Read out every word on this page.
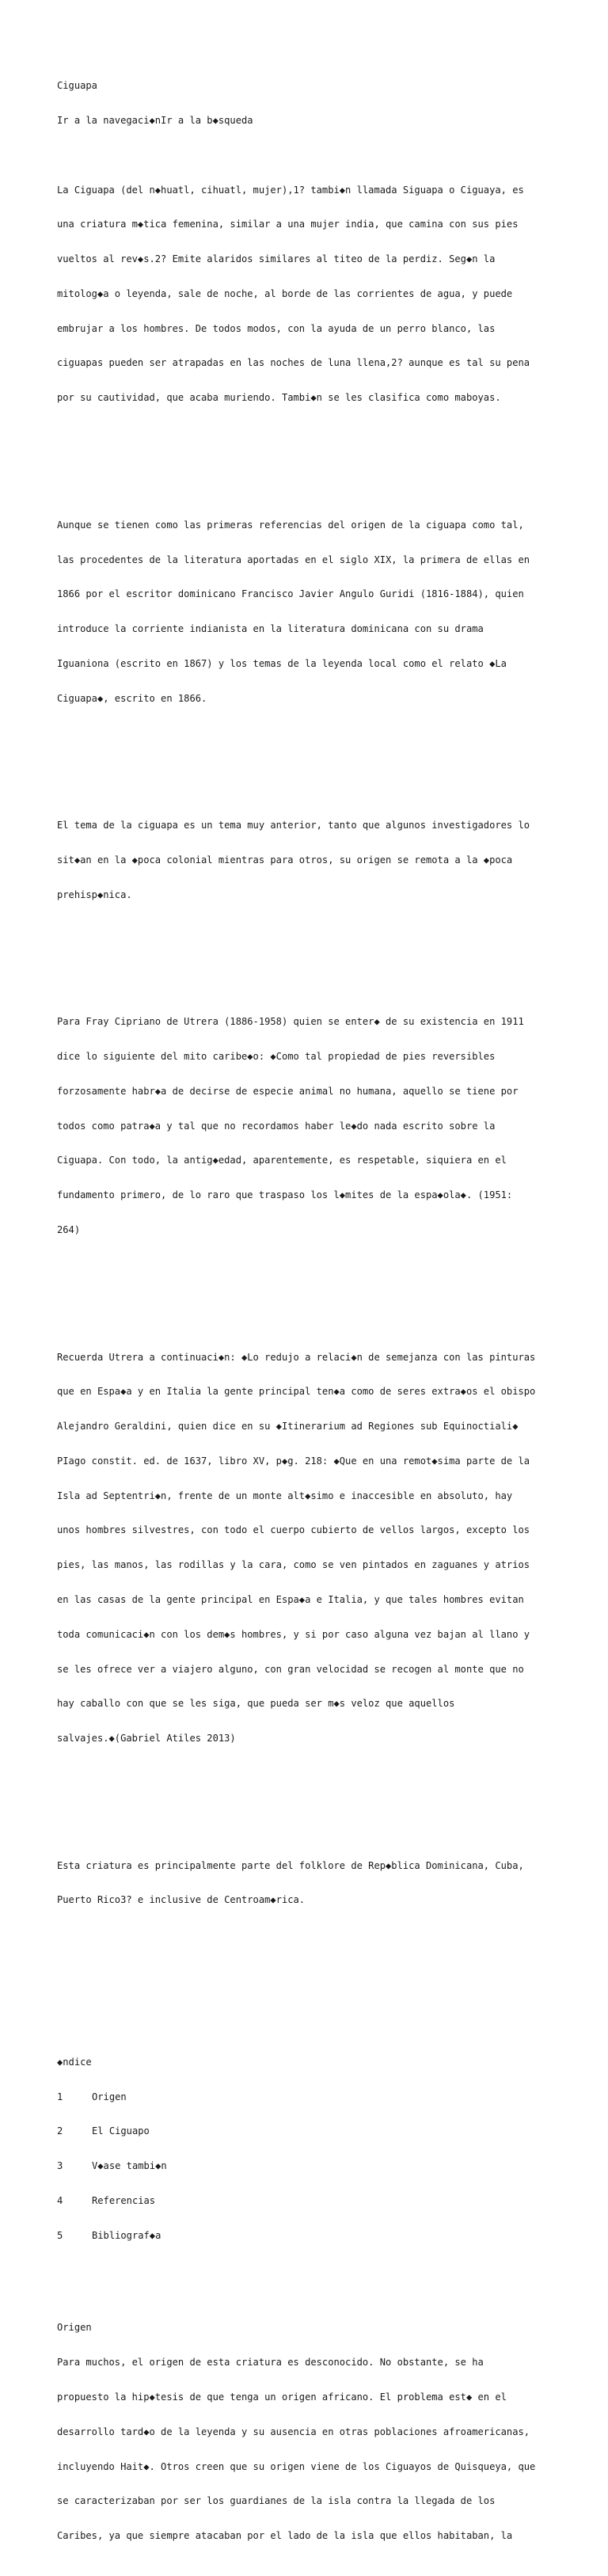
Ciguapa

Ir a la navegaci◆nIr a la b◆squeda

La Ciguapa (del n◆huatl, cihuatl, mujer),1? tambi◆n llamada Siguapa o Ciguaya, es

una criatura m◆tica femenina, similar a una mujer india, que camina con sus pies

vueltos al rev◆s.2? Emite alaridos similares al titeo de la perdiz. Seg◆n la

mitolog◆a o leyenda, sale de noche, al borde de las corrientes de agua, y puede

embrujar a los hombres. De todos modos, con la ayuda de un perro blanco, las

ciguapas pueden ser atrapadas en las noches de luna llena,2? aunque es tal su pena

por su cautividad, que acaba muriendo. Tambi◆n se les clasifica como maboyas.

Aunque se tienen como las primeras referencias del origen de la ciguapa como tal,

las procedentes de la literatura aportadas en el siglo XIX, la primera de ellas en

1866 por el escritor dominicano Francisco Javier Angulo Guridi (1816-1884), quien

introduce la corriente indianista en la literatura dominicana con su drama

Iguaniona (escrito en 1867) y los temas de la leyenda local como el relato ◆La

Ciguapa◆, escrito en 1866.

El tema de la ciguapa es un tema muy anterior, tanto que algunos investigadores lo

sit◆an en la ◆poca colonial mientras para otros, su origen se remota a la ◆poca

prehisp◆nica.

Para Fray Cipriano de Utrera (1886-1958) quien se enter◆ de su existencia en 1911

dice lo siguiente del mito caribe◆o: ◆Como tal propiedad de pies reversibles

forzosamente habr◆a de decirse de especie animal no humana, aquello se tiene por

todos como patra◆a y tal que no recordamos haber le◆do nada escrito sobre la

Ciguapa. Con todo, la antig◆edad, aparentemente, es respetable, siquiera en el

fundamento primero, de lo raro que traspaso los l◆mites de la espa◆ola◆. (1951:

264)

Recuerda Utrera a continuaci◆n: ◆Lo redujo a relaci◆n de semejanza con las pinturas

que en Espa◆a y en Italia la gente principal ten◆a como de seres extra◆os el obispo

Alejandro Geraldini, quien dice en su ◆Itinerarium ad Regiones sub Equinoctiali◆

PIago constit. ed. de 1637, libro XV, p◆g. 218: ◆Que en una remot◆sima parte de la

Isla ad Septentri◆n, frente de un monte alt◆simo e inaccesible en absoluto, hay

unos hombres silvestres, con todo el cuerpo cubierto de vellos largos, excepto los

pies, las manos, las rodillas y la cara, como se ven pintados en zaguanes y atrios

en las casas de la gente principal en Espa◆a e Italia, y que tales hombres evitan

toda comunicaci◆n con los dem◆s hombres, y si por caso alguna vez bajan al llano y

se les ofrece ver a viajero alguno, con gran velocidad se recogen al monte que no

hay caballo con que se les siga, que pueda ser m◆s veloz que aquellos

salvajes.◆(Gabriel Atiles 2013)

Esta criatura es principalmente parte del folklore de Rep◆blica Dominicana, Cuba,

Puerto Rico3? e inclusive de Centroam◆rica.

◆ndice

1	Origen

2	El Ciguapo

3	V◆ase tambi◆n

4	Referencias

5	Bibliograf◆a

Origen

Para muchos, el origen de esta criatura es desconocido. No obstante, se ha

propuesto la hip◆tesis de que tenga un origen africano. El problema est◆ en el

desarrollo tard◆o de la leyenda y su ausencia en otras poblaciones afroamericanas,

incluyendo Hait◆. Otros creen que su origen viene de los Ciguayos de Quisqueya, que

se caracterizaban por ser los guardianes de la isla contra la llegada de los

Caribes, ya que siempre atacaban por el lado de la isla que ellos habitaban, la
